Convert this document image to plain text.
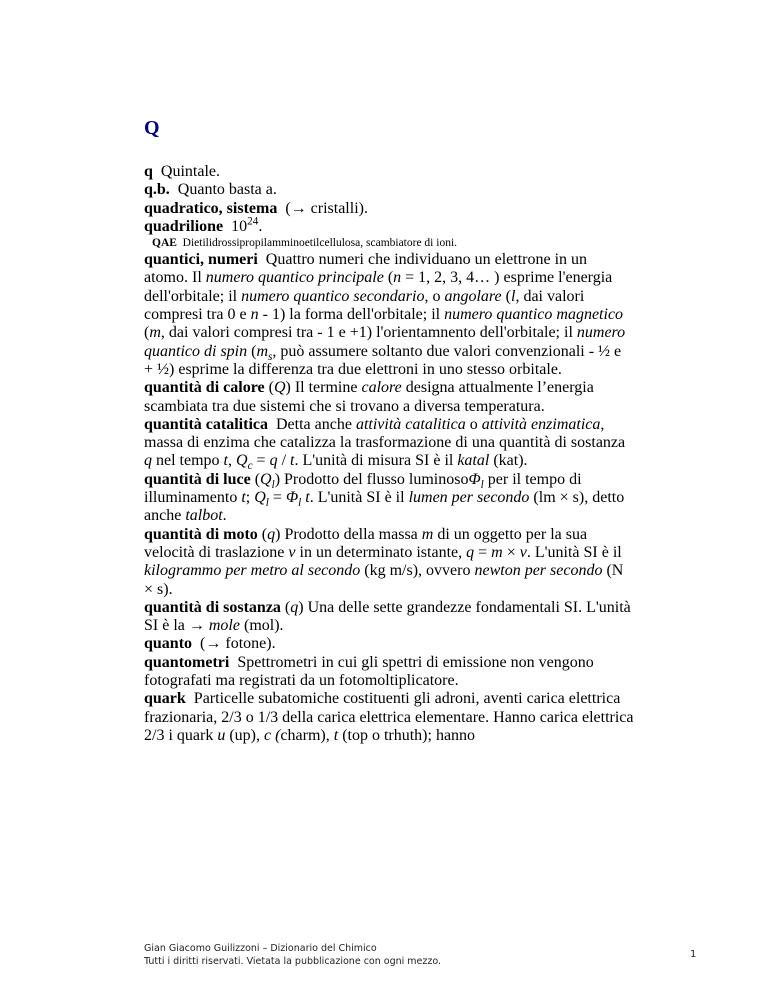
Q

q Quintale.

q.b. Quanto basta a.

quadratico, sistema (→ cristalli).

quadrilione $10^{24}$.

QAE Dietilidrossipropilamminoetilcellulosa, scambiatore di ioni.

quantici, numeri Quattro numeri che individuano un elettrone in un atomo. Il numero quantico principale (n = 1, 2, 3, 4… ) esprime l'energia dell'orbitale; il numero quantico secondario, o angolare (l, dai valori compresi tra 0 e n - 1) la forma dell'orbitale; il numero quantico magnetico (m, dai valori compresi tra - 1 e +1) l'orientamnento dell'orbitale; il numero quantico di spin ($m_s$, può assumere soltanto due valori convenzionali - ½ e + ½) esprime la differenza tra due elettroni in uno stesso orbitale.

quantità di calore (Q) Il termine calore designa attualmente l’energia scambiata tra due sistemi che si trovano a diversa temperatura.

quantità catalitica Detta anche attività catalitica o attività enzimatica, massa di enzima che catalizza la trasformazione di una quantità di sostanza q nel tempo t, $Q_c = q / t$. L'unità di misura SI è il katal (kat).

quantità di luce $(Q_l)$ Prodotto del flusso luminosoΦ$_l$ per il tempo di illuminamento t; $Q_l = \Phi_l$ t. L'unità SI è il lumen per secondo (lm × s), detto anche talbot.

quantità di moto (q) Prodotto della massa m di un oggetto per la sua velocità di traslazione v in un determinato istante, q = m × v. L'unità SI è il kilogrammo per metro al secondo (kg m/s), ovvero newton per secondo (N × s).

quantità di sostanza (q) Una delle sette grandezze fondamentali SI. L'unità SI è la → mole (mol).

quanto (→ fotone).

quantometri Spettrometri in cui gli spettri di emissione non vengono fotografati ma registrati da un fotomoltiplicatore.

quark Particelle subatomiche costituenti gli adroni, aventi carica elettrica frazionaria, 2/3 o 1/3 della carica elettrica elementare. Hanno carica elettrica 2/3 i quark u (up), c (charm), t (top o trhuth); hanno

Gian Giacomo Guilizzoni – Dizionario del Chimico
Tutti i diritti riservati. Vietata la pubblicazione con ogni mezzo.
1
